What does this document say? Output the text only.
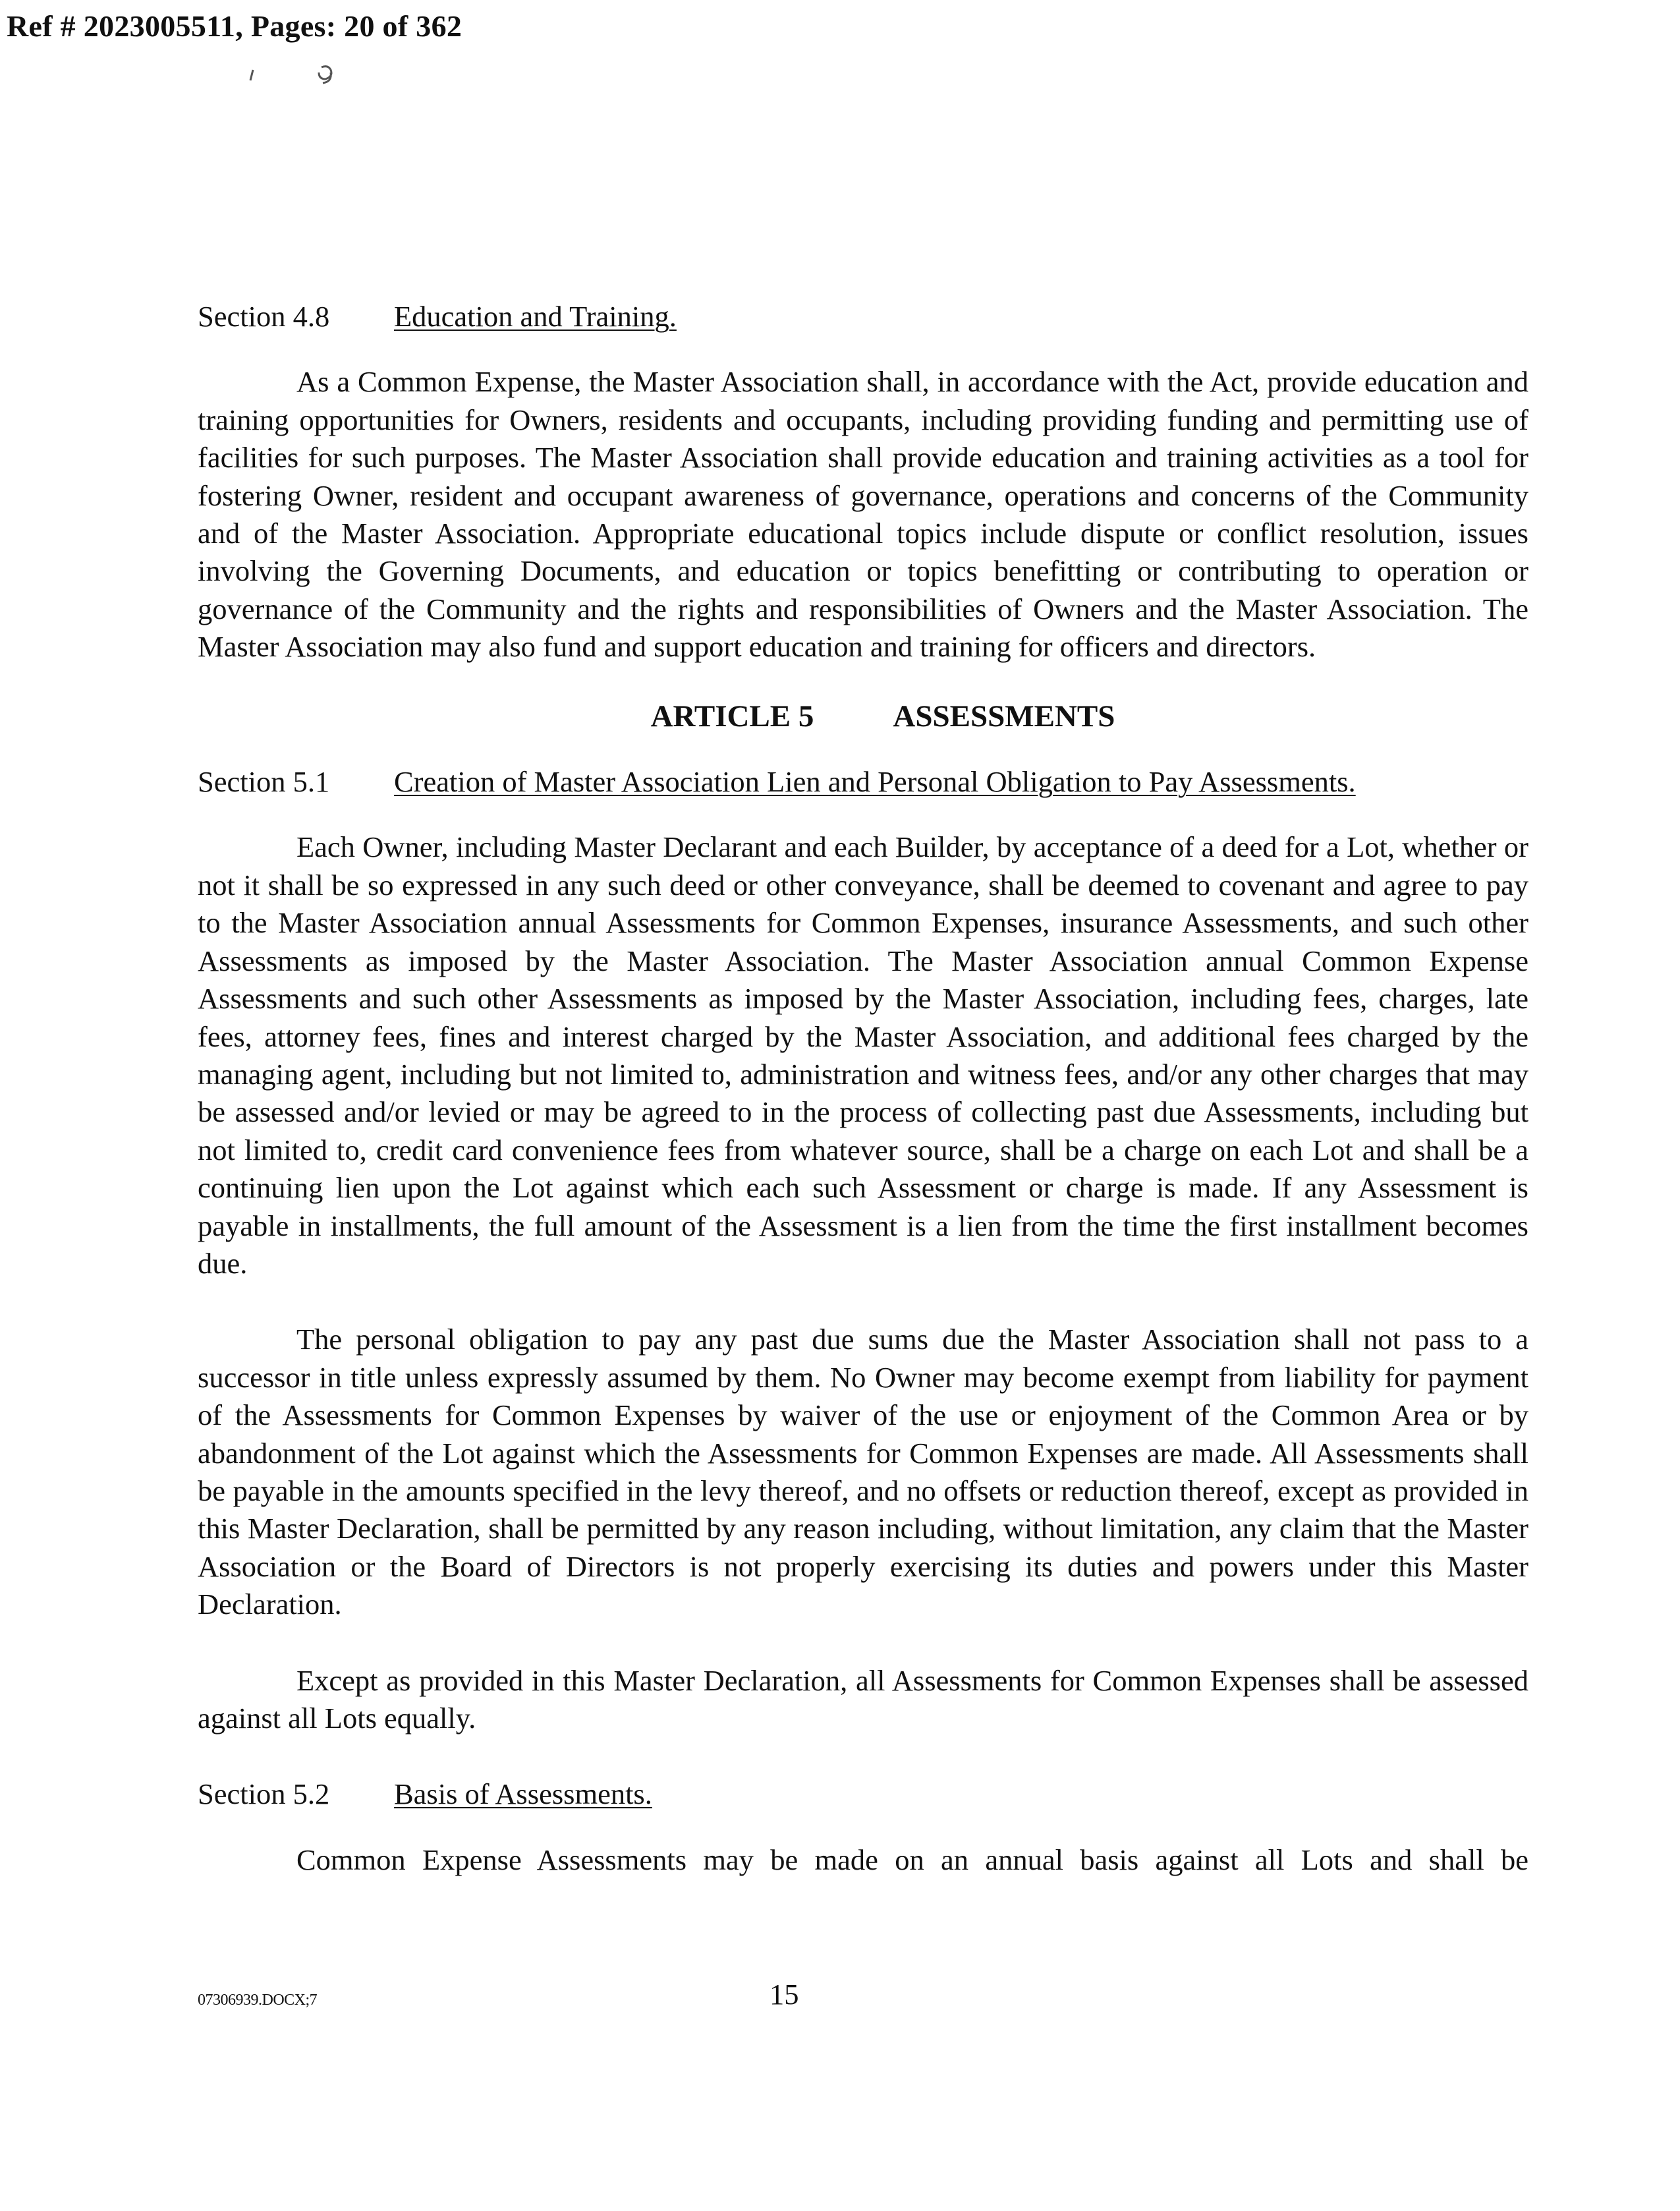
Ref # 2023005511, Pages: 20 of 362
Section 4.8	Education and Training.

As a Common Expense, the Master Association shall, in accordance with the Act, provide education and training opportunities for Owners, residents and occupants, including providing funding and permitting use of facilities for such purposes. The Master Association shall provide education and training activities as a tool for fostering Owner, resident and occupant awareness of governance, operations and concerns of the Community and of the Master Association. Appropriate educational topics include dispute or conflict resolution, issues involving the Governing Documents, and education or topics benefitting or contributing to operation or governance of the Community and the rights and responsibilities of Owners and the Master Association. The Master Association may also fund and support education and training for officers and directors.

ARTICLE 5	ASSESSMENTS
Section 5.1	Creation of Master Association Lien and Personal Obligation to Pay Assessments.

Each Owner, including Master Declarant and each Builder, by acceptance of a deed for a Lot, whether or not it shall be so expressed in any such deed or other conveyance, shall be deemed to covenant and agree to pay to the Master Association annual Assessments for Common Expenses, insurance Assessments, and such other Assessments as imposed by the Master Association. The Master Association annual Common Expense Assessments and such other Assessments as imposed by the Master Association, including fees, charges, late fees, attorney fees, fines and interest charged by the Master Association, and additional fees charged by the managing agent, including but not limited to, administration and witness fees, and/or any other charges that may be assessed and/or levied or may be agreed to in the process of collecting past due Assessments, including but not limited to, credit card convenience fees from whatever source, shall be a charge on each Lot and shall be a continuing lien upon the Lot against which each such Assessment or charge is made. If any Assessment is payable in installments, the full amount of the Assessment is a lien from the time the first installment becomes due.

The personal obligation to pay any past due sums due the Master Association shall not pass to a successor in title unless expressly assumed by them. No Owner may become exempt from liability for payment of the Assessments for Common Expenses by waiver of the use or enjoyment of the Common Area or by abandonment of the Lot against which the Assessments for Common Expenses are made. All Assessments shall be payable in the amounts specified in the levy thereof, and no offsets or reduction thereof, except as provided in this Master Declaration, shall be permitted by any reason including, without limitation, any claim that the Master Association or the Board of Directors is not properly exercising its duties and powers under this Master Declaration.

Except as provided in this Master Declaration, all Assessments for Common Expenses shall be assessed against all Lots equally.

Section 5.2	Basis of Assessments.

Common Expense Assessments may be made on an annual basis against all Lots and shall be

07306939.DOCX;7	15
